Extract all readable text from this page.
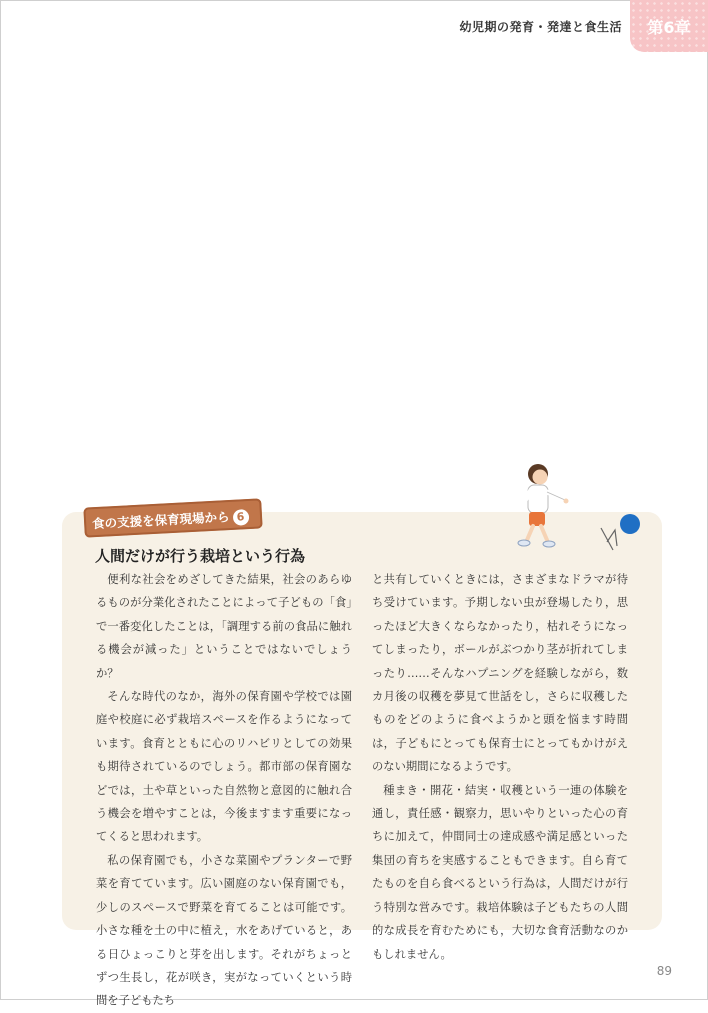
幼児期の発育・発達と食生活	第6章
食の支援を保育現場から 6
人間だけが行う栽培という行為

便利な社会をめざしてきた結果，社会のあらゆるものが分業化されたことによって子どもの「食」で一番変化したことは，「調理する前の食品に触れる機会が減った」ということではないでしょうか？

そんな時代のなか，海外の保育園や学校では園庭や校庭に必ず栽培スペースを作るようになっています。食育とともに心のリハビリとしての効果も期待されているのでしょう。都市部の保育園などでは，土や草といった自然物と意図的に触れ合う機会を増やすことは，今後ますます重要になってくると思われます。

私の保育園でも，小さな菜園やプランターで野菜を育てています。広い園庭のない保育園でも，少しのスペースで野菜を育てることは可能です。小さな種を土の中に植え，水をあげていると，ある日ひょっこりと芽を出します。それがちょっとずつ生長し，花が咲き，実がなっていくという時間を子どもたち

と共有していくときには，さまざまなドラマが待ち受けています。予期しない虫が登場したり，思ったほど大きくならなかったり，枯れそうになってしまったり，ボールがぶつかり茎が折れてしまったり……そんなハプニングを経験しながら，数カ月後の収穫を夢見て世話をし，さらに収穫したものをどのように食べようかと頭を悩ます時間は，子どもにとっても保育士にとってもかけがえのない期間になるようです。

種まき・開花・結実・収穫という一連の体験を通し，責任感・観察力，思いやりといった心の育ちに加えて，仲間同士の達成感や満足感といった集団の育ちを実感することもできます。自ら育てたものを自ら食べるという行為は，人間だけが行う特別な営みです。栽培体験は子どもたちの人間的な成長を育むためにも，大切な食育活動なのかもしれません。

89
